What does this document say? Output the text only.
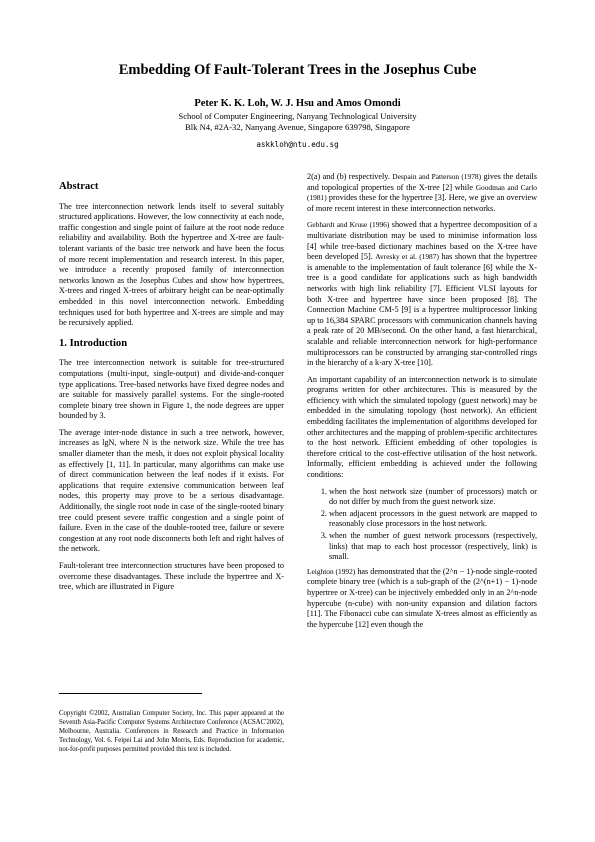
Embedding Of Fault-Tolerant Trees in the Josephus Cube
Peter K. K. Loh, W. J. Hsu and Amos Omondi
School of Computer Engineering, Nanyang Technological University
Blk N4, #2A-32, Nanyang Avenue, Singapore 639798, Singapore
askkloh@ntu.edu.sg
Abstract

The tree interconnection network lends itself to several suitably structured applications. However, the low connectivity at each node, traffic congestion and single point of failure at the root node reduce reliability and availability. Both the hypertree and X-tree are fault-tolerant variants of the basic tree network and have been the focus of more recent implementation and research interest. In this paper, we introduce a recently proposed family of interconnection networks known as the Josephus Cubes and show how hypertrees, X-trees and ringed X-trees of arbitrary height can be near-optimally embedded in this novel interconnection network. Embedding techniques used for both hypertree and X-trees are simple and may be recursively applied.

1. Introduction

The tree interconnection network is suitable for tree-structured computations (multi-input, single-output) and divide-and-conquer type applications. Tree-based networks have fixed degree nodes and are suitable for massively parallel systems. For the single-rooted complete binary tree shown in Figure 1, the node degrees are upper bounded by 3.

The average inter-node distance in such a tree network, however, increases as lgN, where N is the network size. While the tree has smaller diameter than the mesh, it does not exploit physical locality as effectively [1, 11]. In particular, many algorithms can make use of direct communication between the leaf nodes if it exists. For applications that require extensive communication between leaf nodes, this property may prove to be a serious disadvantage. Additionally, the single root node in case of the single-rooted binary tree could present severe traffic congestion and a single point of failure. Even in the case of the double-rooted tree, failure or severe congestion at any root node disconnects both left and right halves of the network.

Fault-tolerant tree interconnection structures have been proposed to overcome these disadvantages. These include the hypertree and X-tree, which are illustrated in Figure

Copyright ©2002, Australian Computer Society, Inc. This paper appeared at the Seventh Asia-Pacific Computer Systems Architecture Conference (ACSAC'2002), Melbourne, Australia. Conferences in Research and Practice in Information Technology, Vol. 6. Feipei Lai and John Morris, Eds. Reproduction for academic, not-for-profit purposes permitted provided this text is included.

2(a) and (b) respectively. Despain and Patterson (1978) gives the details and topological properties of the X-tree [2] while Goodman and Carlo (1981) provides these for the hypertree [3]. Here, we give an overview of more recent interest in these interconnection networks.

Gebhardt and Kruse (1996) showed that a hypertree decomposition of a multivariate distribution may be used to minimise information loss [4] while tree-based dictionary machines based on the X-tree have been developed [5]. Avresky et al. (1987) has shown that the hypertree is amenable to the implementation of fault tolerance [6] while the X-tree is a good candidate for applications such as high bandwidth networks with high link reliability [7]. Efficient VLSI layouts for both X-tree and hypertree have since been proposed [8]. The Connection Machine CM-5 [9] is a hypertree multiprocessor linking up to 16,384 SPARC processors with communication channels having a peak rate of 20 MB/second. On the other hand, a fast hierarchical, scalable and reliable interconnection network for high-performance multiprocessors can be constructed by arranging star-controlled rings in the hierarchy of a k-ary X-tree [10].

An important capability of an interconnection network is to simulate programs written for other architectures. This is measured by the efficiency with which the simulated topology (guest network) may be embedded in the simulating topology (host network). An efficient embedding facilitates the implementation of algorithms developed for other architectures and the mapping of problem-specific architectures to the host network. Efficient embedding of other topologies is therefore critical to the cost-effective utilisation of the host network. Informally, efficient embedding is achieved under the following conditions:

1. when the host network size (number of processors) match or do not differ by much from the guest network size.
2. when adjacent processors in the guest network are mapped to reasonably close processors in the host network.
3. when the number of guest network processors (respectively, links) that map to each host processor (respectively, link) is small.

Leighton (1992) has demonstrated that the (2^n − 1)-node single-rooted complete binary tree (which is a sub-graph of the (2^(n+1) − 1)-node hypertree or X-tree) can be injectively embedded only in an 2^n-node hypercube (n-cube) with non-unity expansion and dilation factors [11]. The Fibonacci cube can simulate X-trees almost as efficiently as the hypercube [12] even though the
